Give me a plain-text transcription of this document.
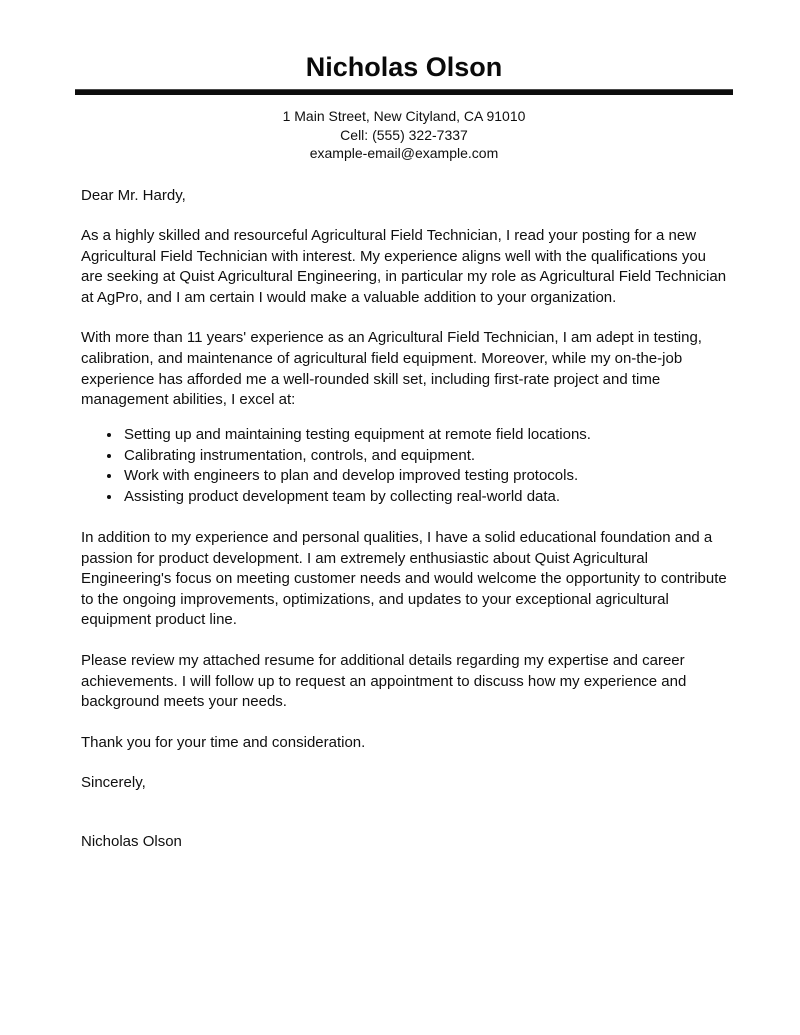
Nicholas Olson
1 Main Street, New Cityland, CA 91010
Cell: (555) 322-7337
example-email@example.com

Dear Mr. Hardy,

As a highly skilled and resourceful Agricultural Field Technician, I read your posting for a new Agricultural Field Technician with interest. My experience aligns well with the qualifications you are seeking at Quist Agricultural Engineering, in particular my role as Agricultural Field Technician at AgPro, and I am certain I would make a valuable addition to your organization.

With more than 11 years' experience as an Agricultural Field Technician, I am adept in testing, calibration, and maintenance of agricultural field equipment. Moreover, while my on-the-job experience has afforded me a well-rounded skill set, including first-rate project and time management abilities, I excel at:

• Setting up and maintaining testing equipment at remote field locations.
• Calibrating instrumentation, controls, and equipment.
• Work with engineers to plan and develop improved testing protocols.
• Assisting product development team by collecting real-world data.

In addition to my experience and personal qualities, I have a solid educational foundation and a passion for product development. I am extremely enthusiastic about Quist Agricultural Engineering's focus on meeting customer needs and would welcome the opportunity to contribute to the ongoing improvements, optimizations, and updates to your exceptional agricultural equipment product line.

Please review my attached resume for additional details regarding my expertise and career achievements. I will follow up to request an appointment to discuss how my experience and background meets your needs.

Thank you for your time and consideration.

Sincerely,

Nicholas Olson
